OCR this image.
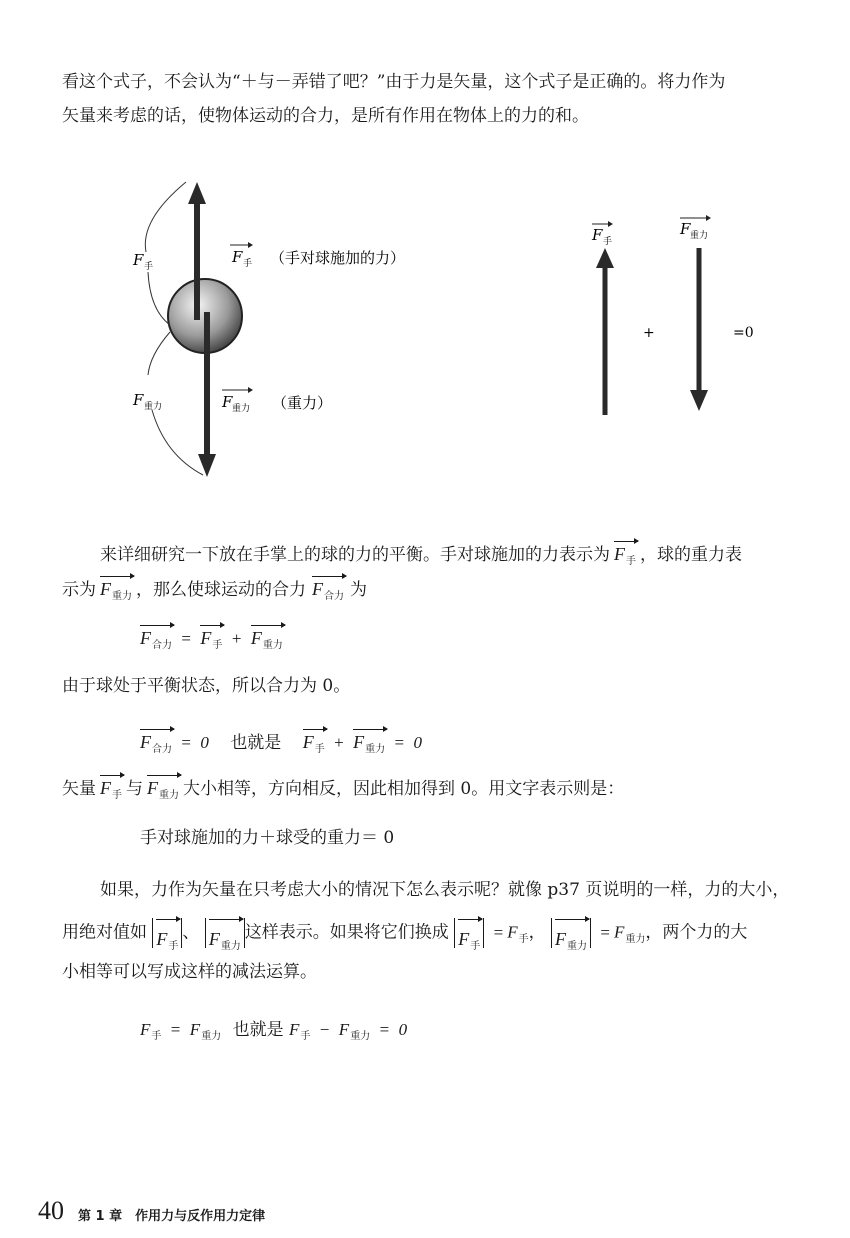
看这个式子，不会认为“＋与－弄错了吧？”由于力是矢量，这个式子是正确的。将力作为
矢量来考虑的话，使物体运动的合力，是所有作用在物体上的力的和。
F 手
F 重力
F 手 （手对球施加的力）
F 重力 （重力）
F 手
F 重力
+	=0
来详细研究一下放在手掌上的球的力的平衡。手对球施加的力表示为 $F_手$ ，球的重力表
示为 $F_{重力}$ ，那么使球运动的合力 $F_{合力}$ 为
$F_{合力} = F_手 + F_{重力}$
由于球处于平衡状态，所以合力为 0。
$F_{合力} = 0$ 也就是 $F_手 + F_{重力} = 0$
矢量 $F_手$ 与 $F_{重力}$ 大小相等，方向相反，因此相加得到 0。用文字表示则是：
手对球施加的力＋球受的重力＝ 0
如果，力作为矢量在只考虑大小的情况下怎么表示呢？就像 p37 页说明的一样，力的大小，
用绝对值如 $F_手$、 $F_{重力}$这样表示。如果将它们换成 $F_手 = F_手$， $F_{重力} = F_{重力}$，两个力的大
小相等可以写成这样的减法运算。
$F_手 = F_{重力}$ 也就是 $F_手 - F_{重力} = 0$
40 第 1 章　作用力与反作用力定律
